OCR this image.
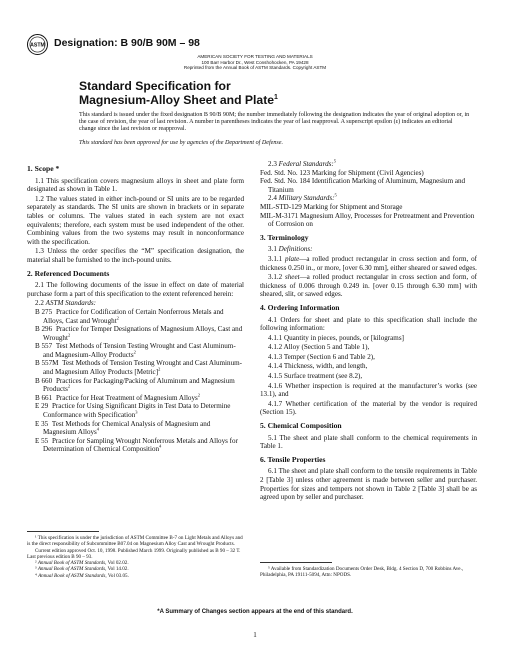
ASTM Designation: B 90/B 90M – 98
AMERICAN SOCIETY FOR TESTING AND MATERIALS
100 Barr Harbor Dr., West Conshohocken, PA 19428
Reprinted from the Annual Book of ASTM Standards. Copyright ASTM
Standard Specification for
Magnesium-Alloy Sheet and Plate$^1$
This standard is issued under the fixed designation B 90/B 90M; the number immediately following the designation indicates the year of original adoption or, in the case of revision, the year of last revision. A number in parentheses indicates the year of last reapproval. A superscript epsilon (ε) indicates an editorial change since the last revision or reapproval.
This standard has been approved for use by agencies of the Department of Defense.
1. Scope *
1.1 This specification covers magnesium alloys in sheet and plate form designated as shown in Table 1.
1.2 The values stated in either inch-pound or SI units are to be regarded separately as standards. The SI units are shown in brackets or in separate tables or columns. The values stated in each system are not exact equivalents; therefore, each system must be used independent of the other. Combining values from the two systems may result in nonconformance with the specification.
1.3 Unless the order specifies the “M” specification designation, the material shall be furnished to the inch-pound units.
2. Referenced Documents
2.1 The following documents of the issue in effect on date of material purchase form a part of this specification to the extent referenced herein:
2.2 ASTM Standards:
B 275 Practice for Codification of Certain Nonferrous Metals and Alloys, Cast and Wrought$^2$
B 296 Practice for Temper Designations of Magnesium Alloys, Cast and Wrought$^2$
B 557 Test Methods of Tension Testing Wrought and Cast Aluminum- and Magnesium-Alloy Products$^2$
B 557M Test Methods of Tension Testing Wrought and Cast Aluminum- and Magnesium Alloy Products [Metric]$^2$
B 660 Practices for Packaging/Packing of Aluminum and Magnesium Products$^2$
B 661 Practice for Heat Treatment of Magnesium Alloys$^2$
E 29 Practice for Using Significant Digits in Test Data to Determine Conformance with Specification$^3$
E 35 Test Methods for Chemical Analysis of Magnesium and Magnesium Alloys$^4$
E 55 Practice for Sampling Wrought Nonferrous Metals and Alloys for Determination of Chemical Composition$^4$
2.3 Federal Standards:$^5$
Fed. Std. No. 123 Marking for Shipment (Civil Agencies)
Fed. Std. No. 184 Identification Marking of Aluminum, Magnesium and Titanium
2.4 Military Standards:$^5$
MIL-STD-129 Marking for Shipment and Storage
MIL-M-3171 Magnesium Alloy, Processes for Pretreatment and Prevention of Corrosion on
3. Terminology
3.1 Definitions:
3.1.1 plate—a rolled product rectangular in cross section and form, of thickness 0.250 in., or more, [over 6.30 mm], either sheared or sawed edges.
3.1.2 sheet—a rolled product rectangular in cross section and form, of thickness of 0.006 through 0.249 in. [over 0.15 through 6.30 mm] with sheared, slit, or sawed edges.
4. Ordering Information
4.1 Orders for sheet and plate to this specification shall include the following information:
4.1.1 Quantity in pieces, pounds, or [kilograms]
4.1.2 Alloy (Section 5 and Table 1),
4.1.3 Temper (Section 6 and Table 2),
4.1.4 Thickness, width, and length,
4.1.5 Surface treatment (see 8.2),
4.1.6 Whether inspection is required at the manufacturer’s works (see 13.1), and
4.1.7 Whether certification of the material by the vendor is required (Section 15).
5. Chemical Composition
5.1 The sheet and plate shall conform to the chemical requirements in Table 1.
6. Tensile Properties
6.1 The sheet and plate shall conform to the tensile requirements in Table 2 [Table 3] unless other agreement is made between seller and purchaser. Properties for sizes and tempers not shown in Table 2 [Table 3] shall be as agreed upon by seller and purchaser.
¹ This specification is under the jurisdiction of ASTM Committee B-7 on Light Metals and Alloys and is the direct responsibility of Subcommittee B07.04 on Magnesium Alloy Cast and Wrought Products.
Current edition approved Oct. 10, 1998. Published March 1999. Originally published as B 90 – 32 T. Last previous edition B 90 – 93.
² Annual Book of ASTM Standards, Vol 02.02.
³ Annual Book of ASTM Standards, Vol 14.02.
⁴ Annual Book of ASTM Standards, Vol 03.05.
⁵ Available from Standardization Documents Order Desk, Bldg. 4 Section D, 700 Robbins Ave., Philadelphia, PA 19111-5094, Attn: NPODS.
*A Summary of Changes section appears at the end of this standard.
1
